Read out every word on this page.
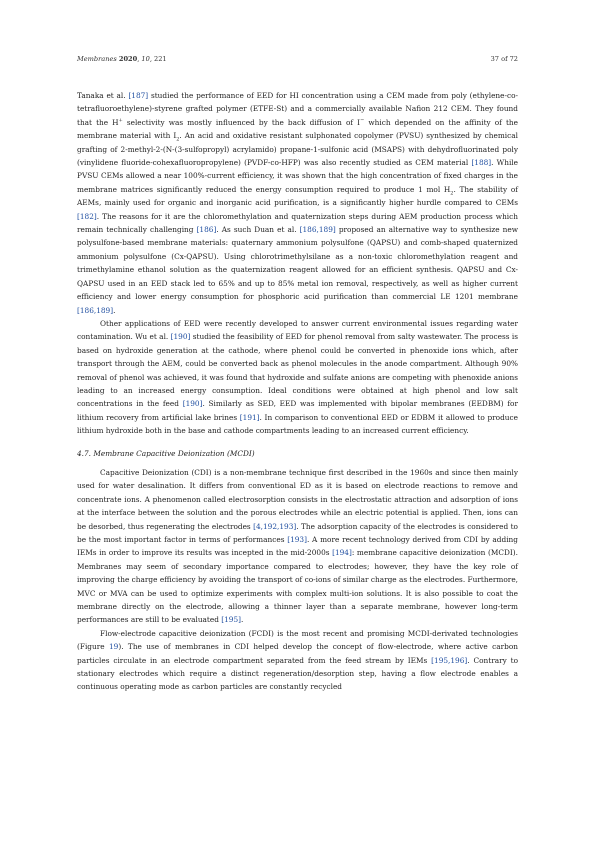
Membranes 2020, 10, 221	37 of 72

Tanaka et al. [187] studied the performance of EED for HI concentration using a CEM made from poly (ethylene-co-tetrafluoroethylene)-styrene grafted polymer (ETFE-St) and a commercially available Nafion 212 CEM. They found that the H+ selectivity was mostly influenced by the back diffusion of I− which depended on the affinity of the membrane material with $I_2$. An acid and oxidative resistant sulphonated copolymer (PVSU) synthesized by chemical grafting of 2-methyl-2-(N-(3-sulfopropyl) acrylamido) propane-1-sulfonic acid (MSAPS) with dehydrofluorinated poly (vinylidene fluoride-cohexafluoropropylene) (PVDF-co-HFP) was also recently studied as CEM material [188]. While PVSU CEMs allowed a near 100%-current efficiency, it was shown that the high concentration of fixed charges in the membrane matrices significantly reduced the energy consumption required to produce 1 mol $H_2$. The stability of AEMs, mainly used for organic and inorganic acid purification, is a significantly higher hurdle compared to CEMs [182]. The reasons for it are the chloromethylation and quaternization steps during AEM production process which remain technically challenging [186]. As such Duan et al. [186,189] proposed an alternative way to synthesize new polysulfone-based membrane materials: quaternary ammonium polysulfone (QAPSU) and comb-shaped quaternized ammonium polysulfone (Cx-QAPSU). Using chlorotrimethylsilane as a non-toxic chloromethylation reagent and trimethylamine ethanol solution as the quaternization reagent allowed for an efficient synthesis. QAPSU and Cx-QAPSU used in an EED stack led to 65% and up to 85% metal ion removal, respectively, as well as higher current efficiency and lower energy consumption for phosphoric acid purification than commercial LE 1201 membrane [186,189].

Other applications of EED were recently developed to answer current environmental issues regarding water contamination. Wu et al. [190] studied the feasibility of EED for phenol removal from salty wastewater. The process is based on hydroxide generation at the cathode, where phenol could be converted in phenoxide ions which, after transport through the AEM, could be converted back as phenol molecules in the anode compartment. Although 90% removal of phenol was achieved, it was found that hydroxide and sulfate anions are competing with phenoxide anions leading to an increased energy consumption. Ideal conditions were obtained at high phenol and low salt concentrations in the feed [190]. Similarly as SED, EED was implemented with bipolar membranes (EEDBM) for lithium recovery from artificial lake brines [191]. In comparison to conventional EED or EDBM it allowed to produce lithium hydroxide both in the base and cathode compartments leading to an increased current efficiency.

4.7. Membrane Capacitive Deionization (MCDI)

Capacitive Deionization (CDI) is a non-membrane technique first described in the 1960s and since then mainly used for water desalination. It differs from conventional ED as it is based on electrode reactions to remove and concentrate ions. A phenomenon called electrosorption consists in the electrostatic attraction and adsorption of ions at the interface between the solution and the porous electrodes while an electric potential is applied. Then, ions can be desorbed, thus regenerating the electrodes [4,192,193]. The adsorption capacity of the electrodes is considered to be the most important factor in terms of performances [193]. A more recent technology derived from CDI by adding IEMs in order to improve its results was incepted in the mid-2000s [194]: membrane capacitive deionization (MCDI). Membranes may seem of secondary importance compared to electrodes; however, they have the key role of improving the charge efficiency by avoiding the transport of co-ions of similar charge as the electrodes. Furthermore, MVC or MVA can be used to optimize experiments with complex multi-ion solutions. It is also possible to coat the membrane directly on the electrode, allowing a thinner layer than a separate membrane, however long-term performances are still to be evaluated [195].

Flow-electrode capacitive deionization (FCDI) is the most recent and promising MCDI-derivated technologies (Figure 19). The use of membranes in CDI helped develop the concept of flow-electrode, where active carbon particles circulate in an electrode compartment separated from the feed stream by IEMs [195,196]. Contrary to stationary electrodes which require a distinct regeneration/desorption step, having a flow electrode enables a continuous operating mode as carbon particles are constantly recycled
